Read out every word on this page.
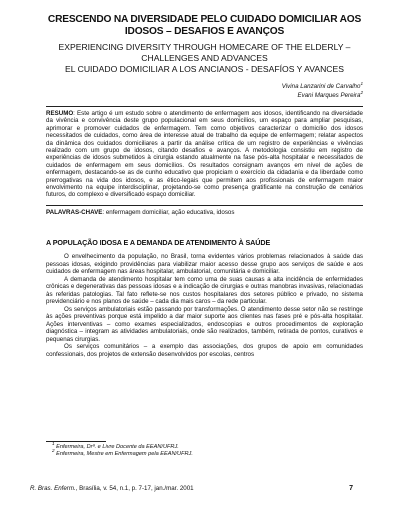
CRESCENDO NA DIVERSIDADE PELO CUIDADO DOMICILIAR AOS IDOSOS – DESAFIOS E AVANÇOS

EXPERIENCING DIVERSITY THROUGH HOMECARE OF THE ELDERLY –

CHALLENGES AND ADVANCES

EL CUIDADO DOMICILIAR A LOS ANCIANOS - DESAFÍOS Y AVANCES

Vivina Lanzarini de Carvalho$^1$
Evani Marques Pereira$^2$

RESUMO: Este artigo é um estudo sobre o atendimento de enfermagem aos idosos, identificando na diversidade da vivência e convivência deste grupo populacional em seus domicílios, um espaço para ampliar pesquisas, aprimorar e promover cuidados de enfermagem. Tem como objetivos caracterizar o domicílio dos idosos necessitados de cuidados, como área de interesse atual de trabalho da equipe de enfermagem; relatar aspectos da dinâmica dos cuidados domiciliares a partir da análise crítica de um registro de experiências e vivências realizado com um grupo de idosos, citando desafios e avanços. A metodologia consistiu em registro de experiências de idosos submetidos à cirurgia estando atualmente na fase pós-alta hospitalar e necessitados de cuidados de enfermagem em seus domicílios. Os resultados consignam avanços em nível de ações de enfermagem, destacando-se as de cunho educativo que propiciam o exercício da cidadania e da liberdade como prerrogativas na vida dos idosos, e as ético-legais que permitem aos profissionais de enfermagem maior envolvimento na equipe interdisciplinar, projetando-se como presença gratificante na construção de cenários futuros, do complexo e diversificado espaço domiciliar.

PALAVRAS-CHAVE: enfermagem domiciliar, ação educativa, idosos

A POPULAÇÃO IDOSA E A DEMANDA DE ATENDIMENTO À SAÚDE

O envelhecimento da população, no Brasil, torna evidentes vários problemas relacionados à saúde das pessoas idosas, exigindo providências para viabilizar maior acesso desse grupo aos serviços de saúde e aos cuidados de enfermagem nas áreas hospitalar, ambulatorial, comunitária e domiciliar.

A demanda de atendimento hospitalar tem como uma de suas causas a alta incidência de enfermidades crônicas e degenerativas das pessoas idosas e a indicação de cirurgias e outras manobras invasivas, relacionadas às referidas patologias. Tal fato reflete-se nos custos hospitalares dos setores público e privado, no sistema previdenciário e nos planos de saúde – cada dia mais caros – da rede particular.

Os serviços ambulatoriais estão passando por transformações. O atendimento desse setor não se restringe às ações preventivas porque está impelido a dar maior suporte aos clientes nas fases pré e pós-alta hospitalar. Ações interventivas – como exames especializados, endoscopias e outros procedimentos de exploração diagnóstica – integram as atividades ambulatoriais, onde são realizados, também, retirada de pontos, curativos e pequenas cirurgias.

Os serviços comunitários – a exemplo das associações, dos grupos de apoio em comunidades confessionais, dos projetos de extensão desenvolvidos por escolas, centros

$^1$ Enfermeira, Drª. e Livre Docente da EEAN/UFRJ.

$^2$ Enfermeira, Mestre em Enfermagem pela EEAN/UFRJ.

R. Bras. Enferm., Brasília, v. 54, n.1, p. 7-17, jan./mar. 2001	7
